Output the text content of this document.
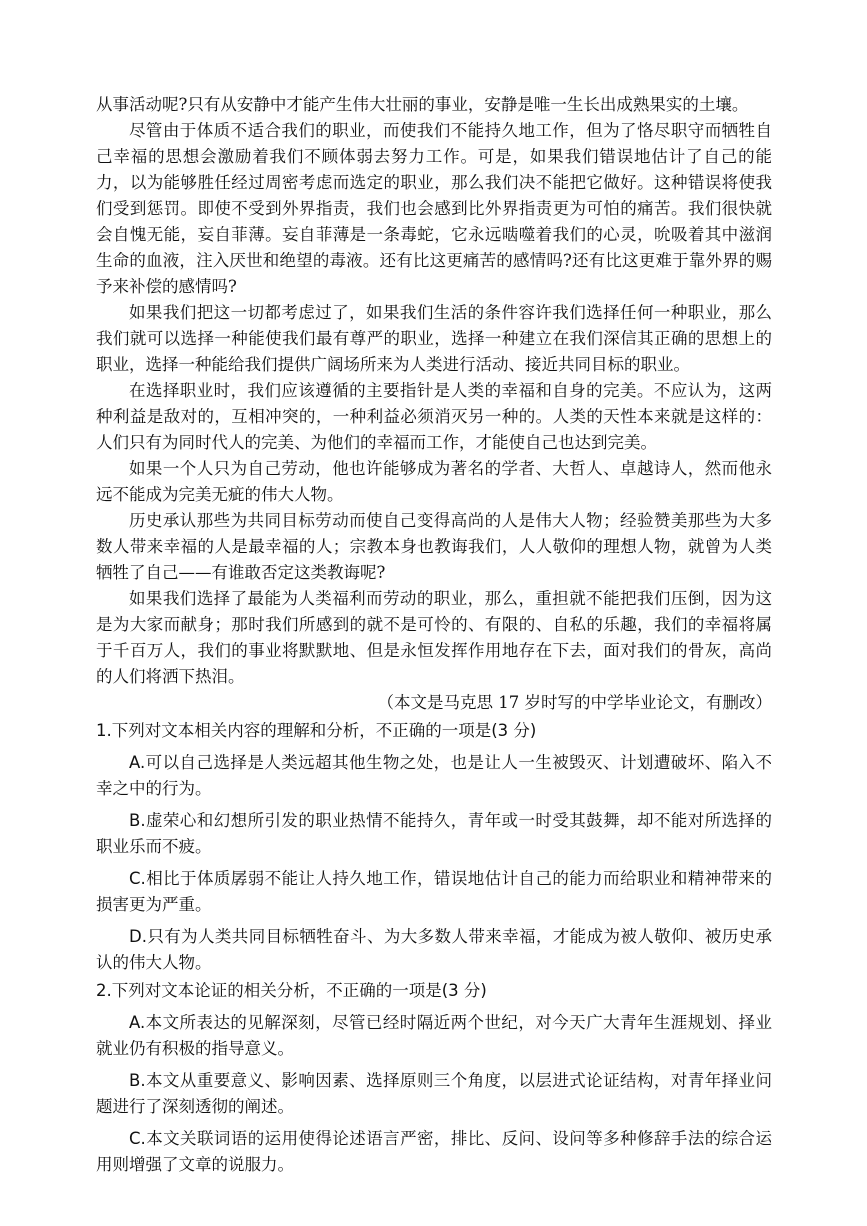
从事活动呢?只有从安静中才能产生伟大壮丽的事业，安静是唯一生长出成熟果实的土壤。

尽管由于体质不适合我们的职业，而使我们不能持久地工作，但为了恪尽职守而牺牲自己幸福的思想会激励着我们不顾体弱去努力工作。可是，如果我们错误地估计了自己的能力，以为能够胜任经过周密考虑而选定的职业，那么我们决不能把它做好。这种错误将使我们受到惩罚。即使不受到外界指责，我们也会感到比外界指责更为可怕的痛苦。我们很快就会自愧无能，妄自菲薄。妄自菲薄是一条毒蛇，它永远啮噬着我们的心灵，吮吸着其中滋润生命的血液，注入厌世和绝望的毒液。还有比这更痛苦的感情吗?还有比这更难于靠外界的赐予来补偿的感情吗?

如果我们把这一切都考虑过了，如果我们生活的条件容许我们选择任何一种职业，那么我们就可以选择一种能使我们最有尊严的职业，选择一种建立在我们深信其正确的思想上的职业，选择一种能给我们提供广阔场所来为人类进行活动、接近共同目标的职业。

在选择职业时，我们应该遵循的主要指针是人类的幸福和自身的完美。不应认为，这两种利益是敌对的，互相冲突的，一种利益必须消灭另一种的。人类的天性本来就是这样的：人们只有为同时代人的完美、为他们的幸福而工作，才能使自己也达到完美。

如果一个人只为自己劳动，他也许能够成为著名的学者、大哲人、卓越诗人，然而他永远不能成为完美无疵的伟大人物。

历史承认那些为共同目标劳动而使自己变得高尚的人是伟大人物；经验赞美那些为大多数人带来幸福的人是最幸福的人；宗教本身也教诲我们，人人敬仰的理想人物，就曾为人类牺牲了自己——有谁敢否定这类教诲呢?

如果我们选择了最能为人类福利而劳动的职业，那么，重担就不能把我们压倒，因为这是为大家而献身；那时我们所感到的就不是可怜的、有限的、自私的乐趣，我们的幸福将属于千百万人，我们的事业将默默地、但是永恒发挥作用地存在下去，面对我们的骨灰，高尚的人们将洒下热泪。

（本文是马克思 17 岁时写的中学毕业论文，有删改）

1.下列对文本相关内容的理解和分析，不正确的一项是(3 分)

A.可以自己选择是人类远超其他生物之处，也是让人一生被毁灭、计划遭破坏、陷入不幸之中的行为。

B.虚荣心和幻想所引发的职业热情不能持久，青年或一时受其鼓舞，却不能对所选择的职业乐而不疲。

C.相比于体质孱弱不能让人持久地工作，错误地估计自己的能力而给职业和精神带来的损害更为严重。

D.只有为人类共同目标牺牲奋斗、为大多数人带来幸福，才能成为被人敬仰、被历史承认的伟大人物。

2.下列对文本论证的相关分析，不正确的一项是(3 分)

A.本文所表达的见解深刻，尽管已经时隔近两个世纪，对今天广大青年生涯规划、择业就业仍有积极的指导意义。

B.本文从重要意义、影响因素、选择原则三个角度，以层进式论证结构，对青年择业问题进行了深刻透彻的阐述。

C.本文关联词语的运用使得论述语言严密，排比、反问、设问等多种修辞手法的综合运用则增强了文章的说服力。
